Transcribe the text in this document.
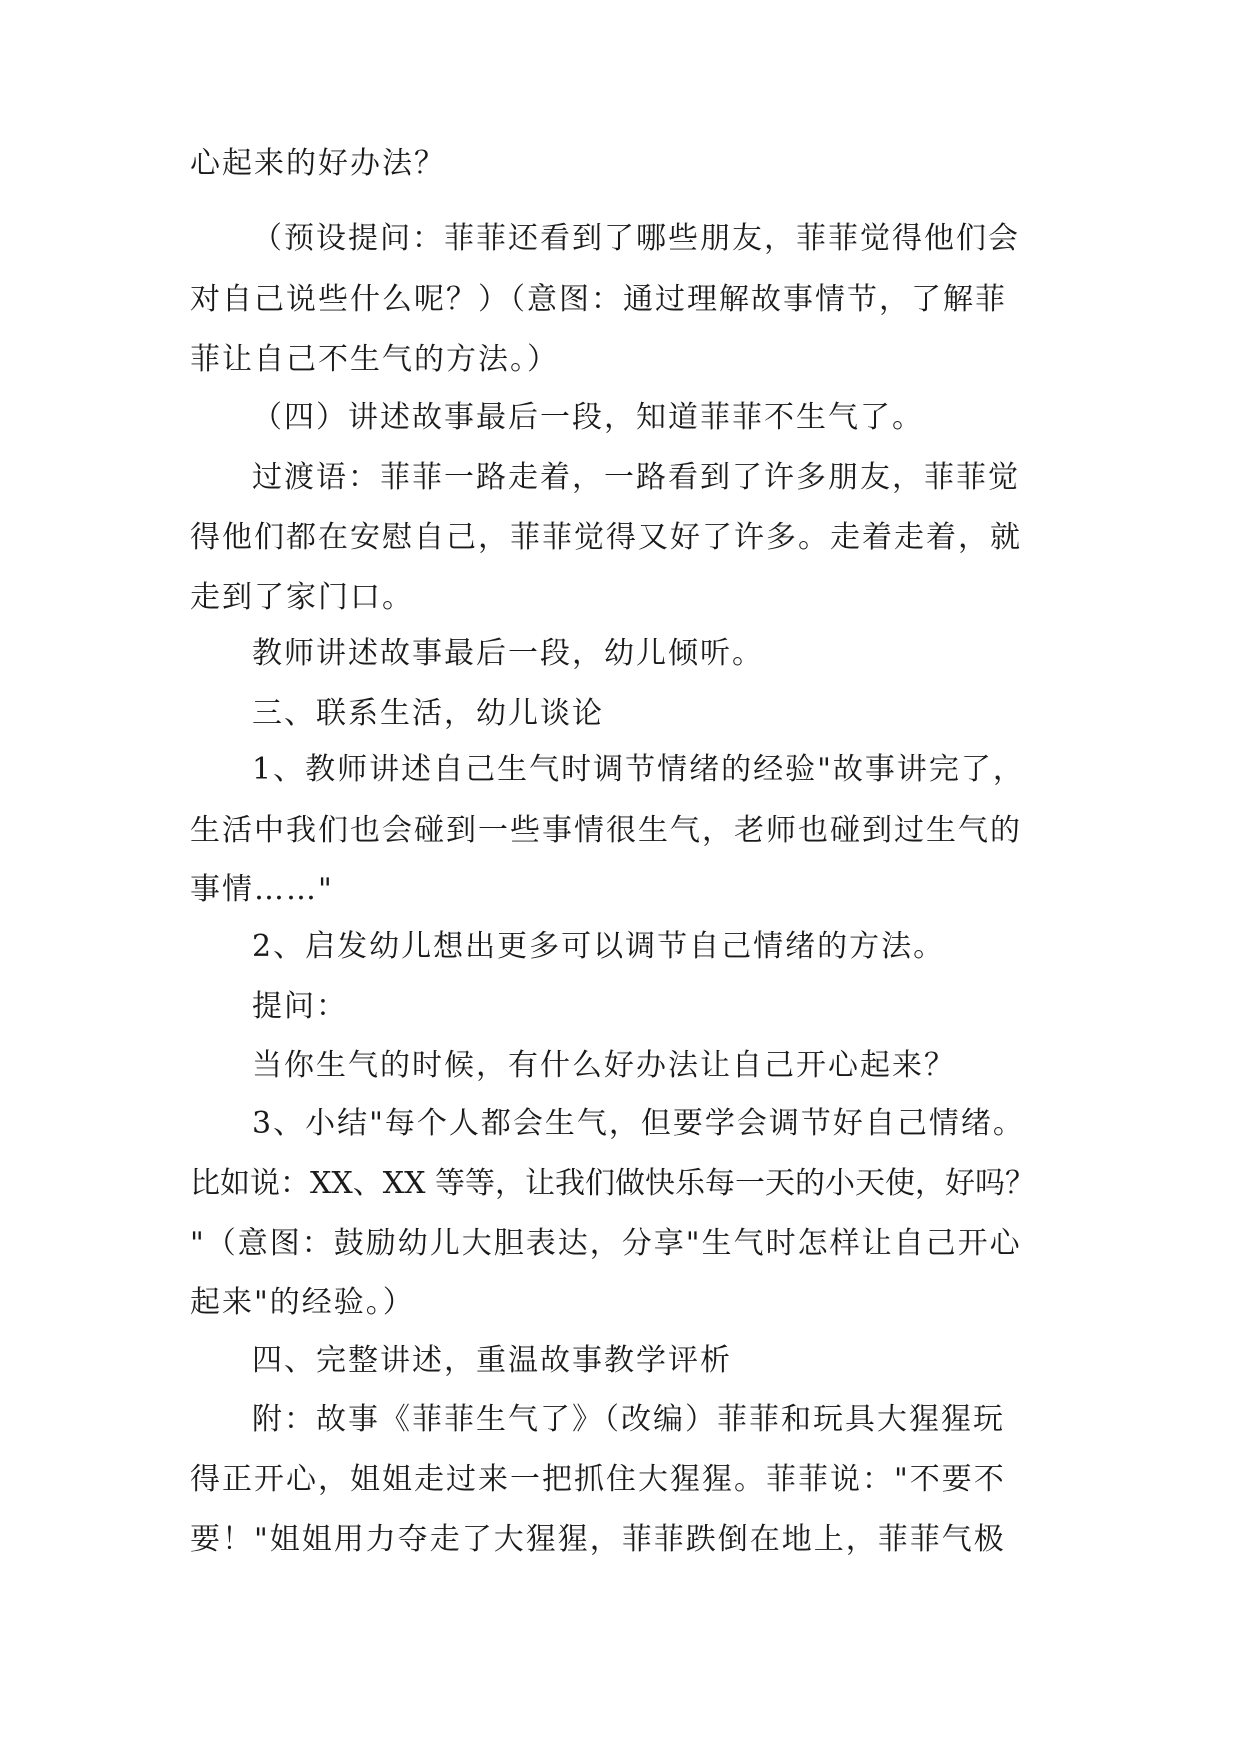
心起来的好办法？

（预设提问：菲菲还看到了哪些朋友，菲菲觉得他们会

对自己说些什么呢？）（意图：通过理解故事情节，了解菲

菲让自己不生气的方法。）

（四）讲述故事最后一段，知道菲菲不生气了。

过渡语：菲菲一路走着，一路看到了许多朋友，菲菲觉

得他们都在安慰自己，菲菲觉得又好了许多。走着走着，就

走到了家门口。

教师讲述故事最后一段，幼儿倾听。

三、联系生活，幼儿谈论

1、教师讲述自己生气时调节情绪的经验"故事讲完了，

生活中我们也会碰到一些事情很生气，老师也碰到过生气的

事情……"

2、启发幼儿想出更多可以调节自己情绪的方法。

提问：

当你生气的时候，有什么好办法让自己开心起来？

3、小结"每个人都会生气，但要学会调节好自己情绪。

比如说：XX、XX 等等，让我们做快乐每一天的小天使，好吗？

"（意图：鼓励幼儿大胆表达，分享"生气时怎样让自己开心

起来"的经验。）

四、完整讲述，重温故事教学评析

附：故事《菲菲生气了》（改编）菲菲和玩具大猩猩玩

得正开心，姐姐走过来一把抓住大猩猩。菲菲说："不要不

要！"姐姐用力夺走了大猩猩，菲菲跌倒在地上，菲菲气极
